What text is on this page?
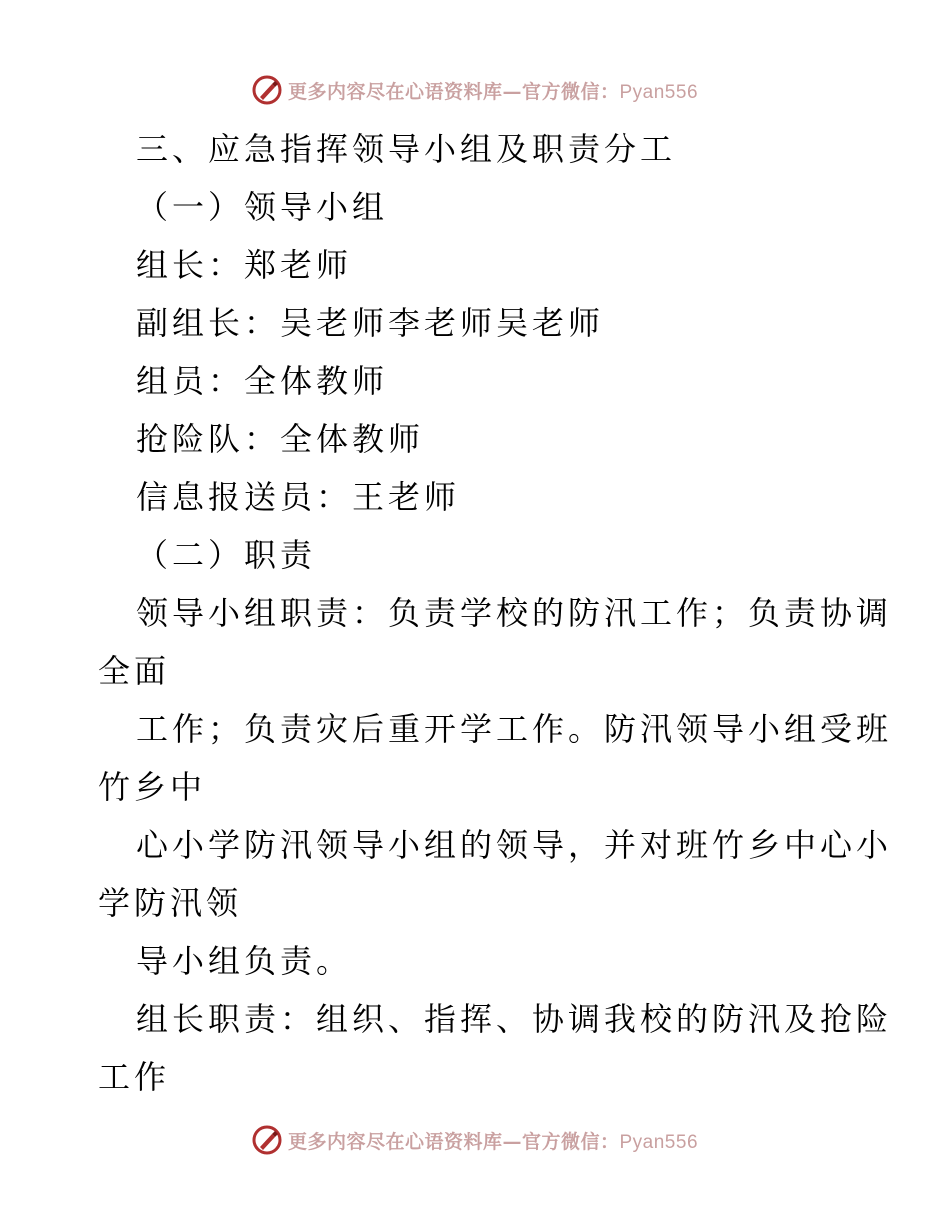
更多内容尽在心语资料库—官方微信：Pyan556
三、应急指挥领导小组及职责分工
（一）领导小组
组长：郑老师
副组长：吴老师李老师吴老师
组员：全体教师
抢险队：全体教师
信息报送员：王老师
（二）职责
领导小组职责：负责学校的防汛工作；负责协调
全面
工作；负责灾后重开学工作。防汛领导小组受班
竹乡中
心小学防汛领导小组的领导，并对班竹乡中心小
学防汛领
导小组负责。
组长职责：组织、指挥、协调我校的防汛及抢险
工作
更多内容尽在心语资料库—官方微信：Pyan556
